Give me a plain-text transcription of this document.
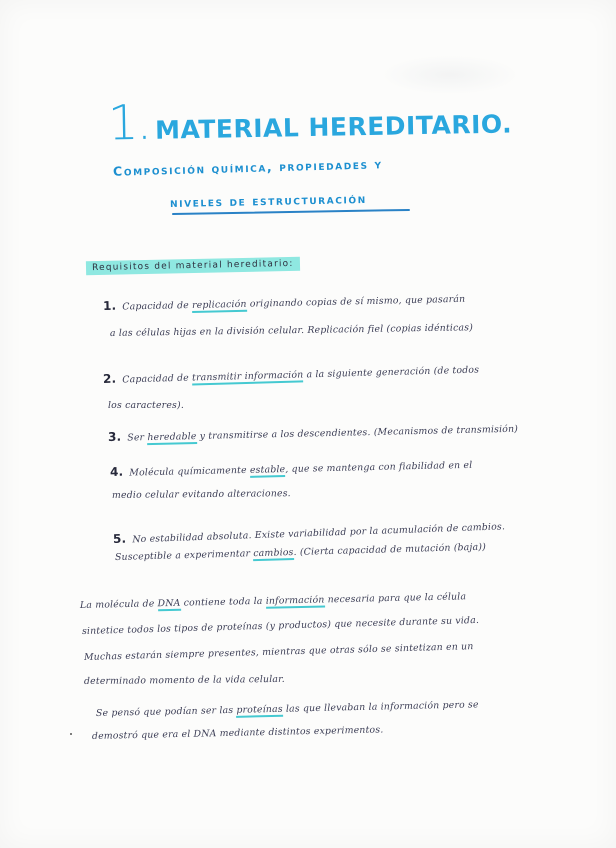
1. MATERIAL HEREDITARIO.
Composición química, propiedades y
niveles de estructuración
Requisitos del material hereditario:
1. Capacidad de replicación originando copias de sí mismo, que pasarán
a las células hijas en la división celular. Replicación fiel (copias idénticas)
2. Capacidad de transmitir información a la siguiente generación (de todos
los caracteres).
3. Ser heredable y transmitirse a los descendientes. (Mecanismos de transmisión)
4. Molécula químicamente estable, que se mantenga con fiabilidad en el
medio celular evitando alteraciones.
5. No estabilidad absoluta. Existe variabilidad por la acumulación de cambios.
Susceptible a experimentar cambios. (Cierta capacidad de mutación (baja))
La molécula de DNA contiene toda la información necesaria para que la célula
sintetice todos los tipos de proteínas (y productos) que necesite durante su vida.
Muchas estarán siempre presentes, mientras que otras sólo se sintetizan en un
determinado momento de la vida celular.
Se pensó que podían ser las proteínas las que llevaban la información pero se
demostró que era el DNA mediante distintos experimentos.
